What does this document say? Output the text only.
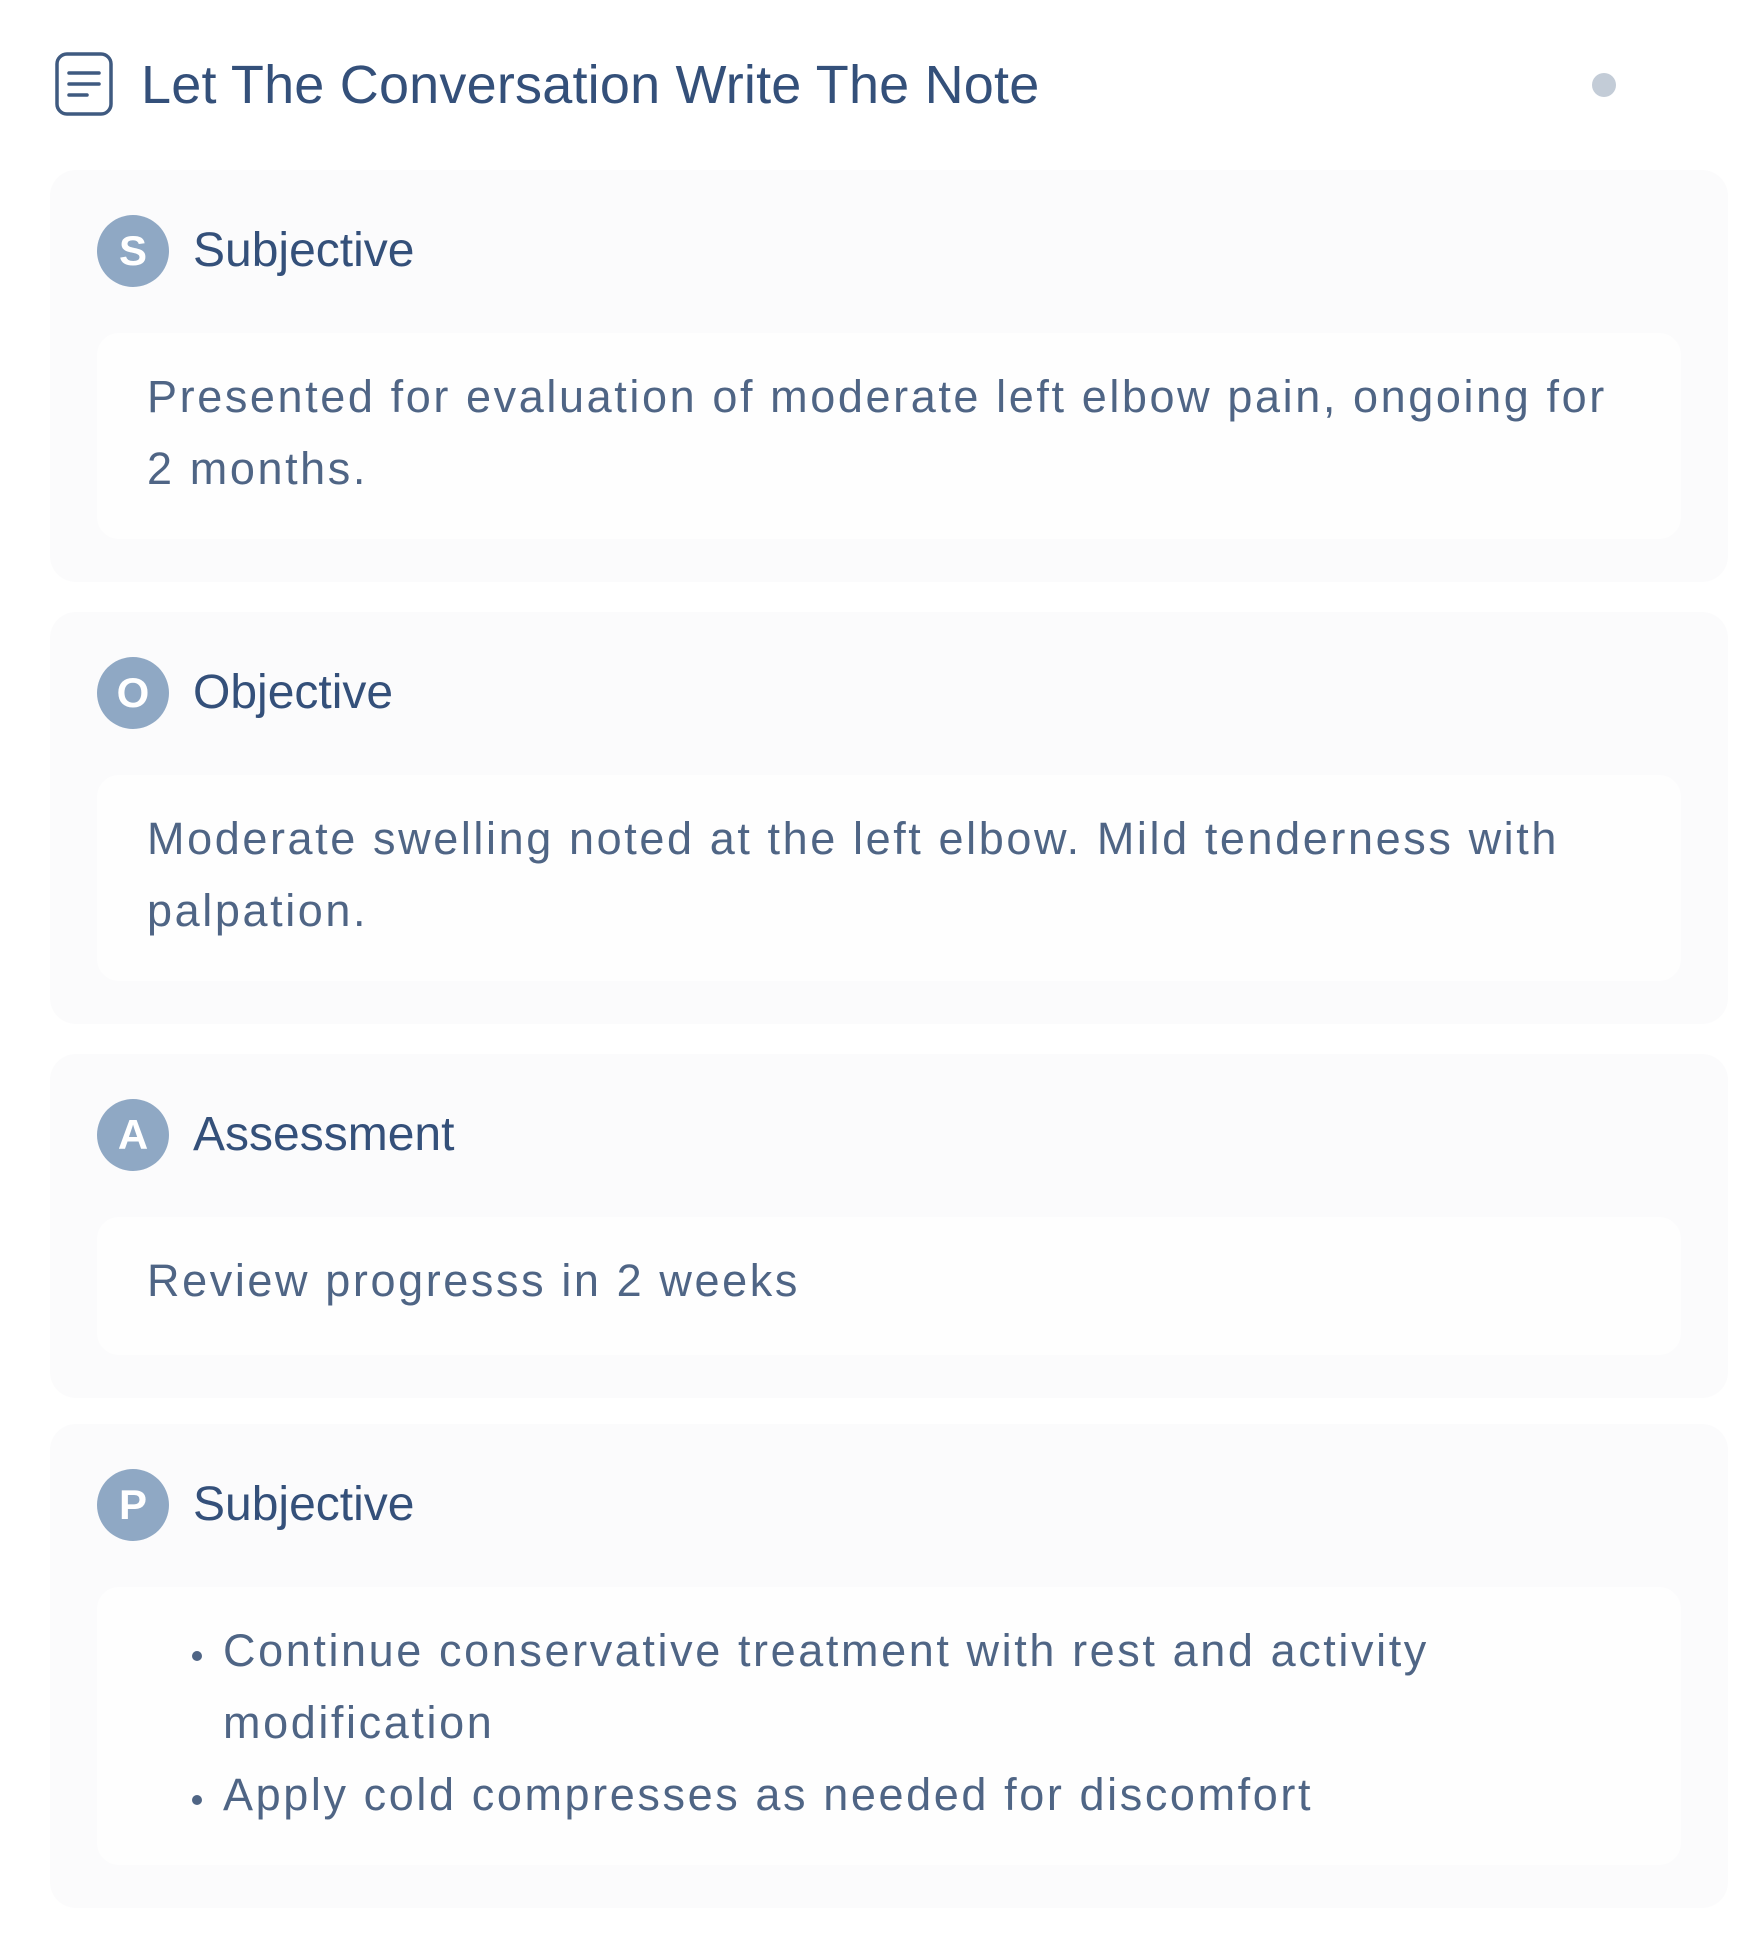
Let The Conversation Write The Note
S Subjective

Presented for evaluation of moderate left elbow pain, ongoing for 2 months.

O Objective

Moderate swelling noted at the left elbow. Mild tenderness with palpation.

A Assessment

Review progresss in 2 weeks

P Subjective
• Continue conservative treatment with rest and activity modification
• Apply cold compresses as needed for discomfort
